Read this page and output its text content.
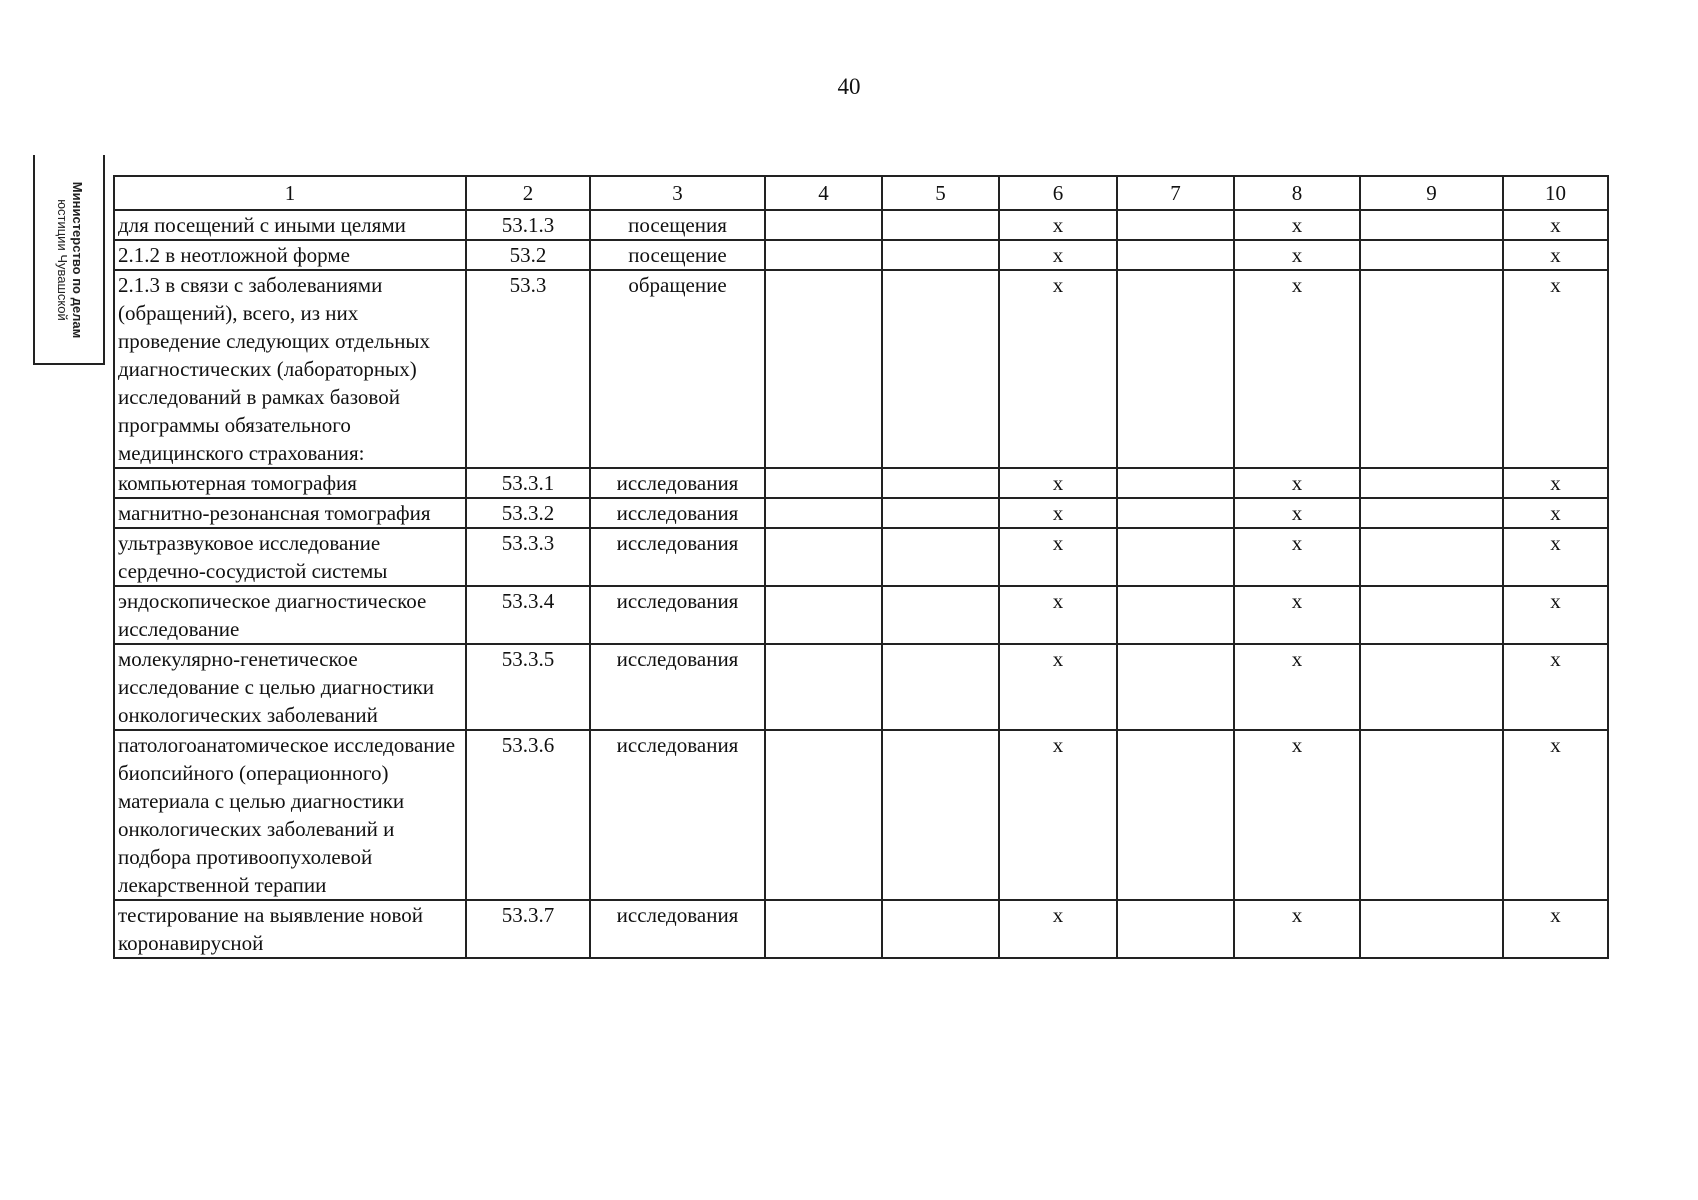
40
Министерство по делам
юстиции Чувашской
1	2	3	4	5	6	7	8	9	10
для посещений с иными целями	53.1.3	посещения			х		х		х
2.1.2 в неотложной форме	53.2	посещение			х		х		х
2.1.3 в связи с заболеваниями (обращений), всего, из них проведение следующих отдельных диагностических (лабораторных) исследований в рамках базовой программы обязательного медицинского страхования:	53.3	обращение			х		х		х
компьютерная томография	53.3.1	исследования			х		х		х
магнитно-резонансная томография	53.3.2	исследования			х		х		х
ультразвуковое исследование сердечно-сосудистой системы	53.3.3	исследования			х		х		х
эндоскопическое диагностическое исследование	53.3.4	исследования			х		х		х
молекулярно-генетическое исследование с целью диагностики онкологических заболеваний	53.3.5	исследования			х		х		х
патологоанатомическое исследование биопсийного (операционного) материала с целью диагностики онкологических заболеваний и подбора противоопухолевой лекарственной терапии	53.3.6	исследования			х		х		х
тестирование на выявление новой коронавирусной	53.3.7	исследования			х		х		х
